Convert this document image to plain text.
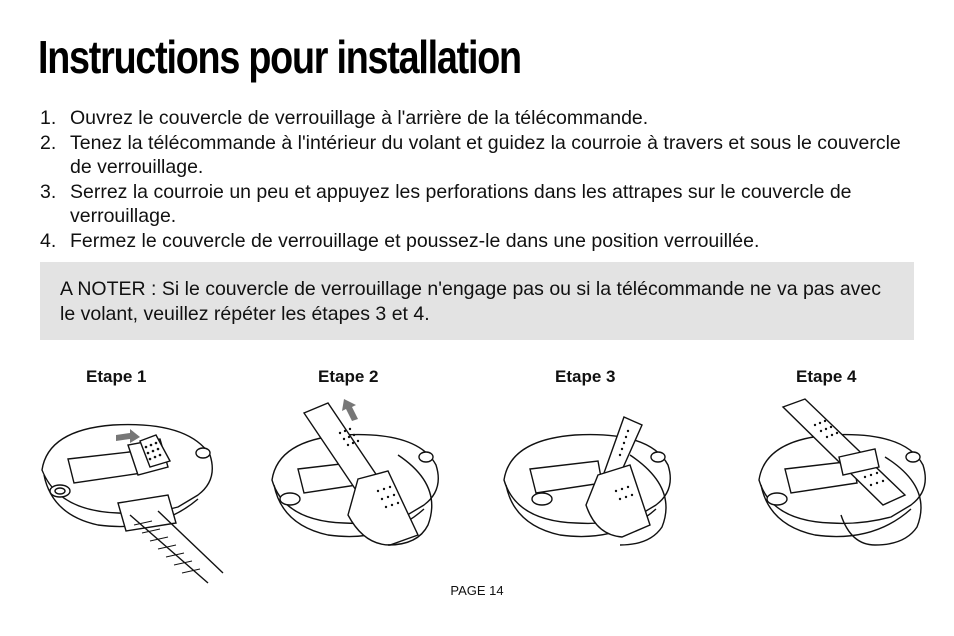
Instructions pour installation
1. Ouvrez le couvercle de verrouillage à l'arrière de la télécommande.
2. Tenez la télécommande à l'intérieur du volant et guidez la courroie à travers et sous le couvercle de verrouillage.
3. Serrez la courroie un peu et appuyez les perforations dans les attrapes sur le couvercle de verrouillage.
4. Fermez le couvercle de verrouillage et poussez-le dans une position verrouillée.
A NOTER : Si le couvercle de verrouillage n'engage pas ou si la télécommande ne va pas avec le volant, veuillez répéter les étapes 3 et 4.
Etape 1	Etape 2	Etape 3	Etape 4
PAGE 14
